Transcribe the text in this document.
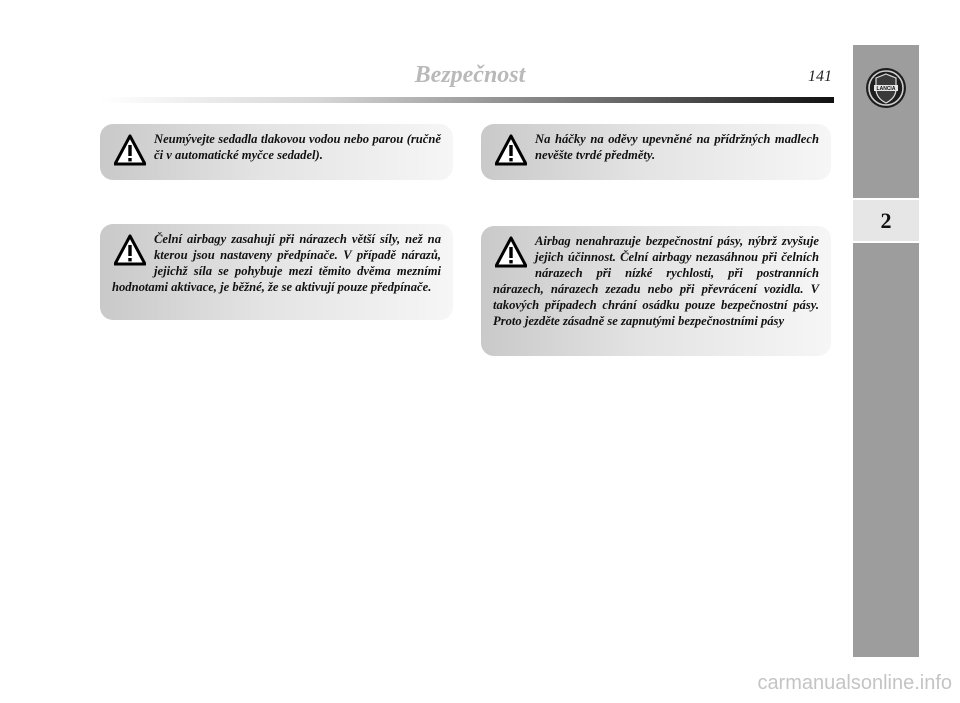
Bezpečnost	141
LANCIA
2

Neumývejte sedadla tlakovou vodou nebo parou (ručně či v automatické myčce sedadel).

Na háčky na oděvy upevněné na přídržných madlech nevěšte tvrdé předměty.

Čelní airbagy zasahují při nárazech větší síly, než na kterou jsou nastaveny předpínače. V případě nárazů, jejichž síla se pohybuje mezi těmito dvěma mezními hodnotami aktivace, je běžné, že se aktivují pouze předpínače.

Airbag nenahrazuje bezpečnostní pásy, nýbrž zvyšuje jejich účinnost. Čelní airbagy nezasáhnou při čelních nárazech při nízké rychlosti, při postranních nárazech, nárazech zezadu nebo při převrácení vozidla. V takových případech chrání osádku pouze bezpečnostní pásy. Proto jezděte zásadně se zapnutými bezpečnostními pásy

carmanualsonline.info
